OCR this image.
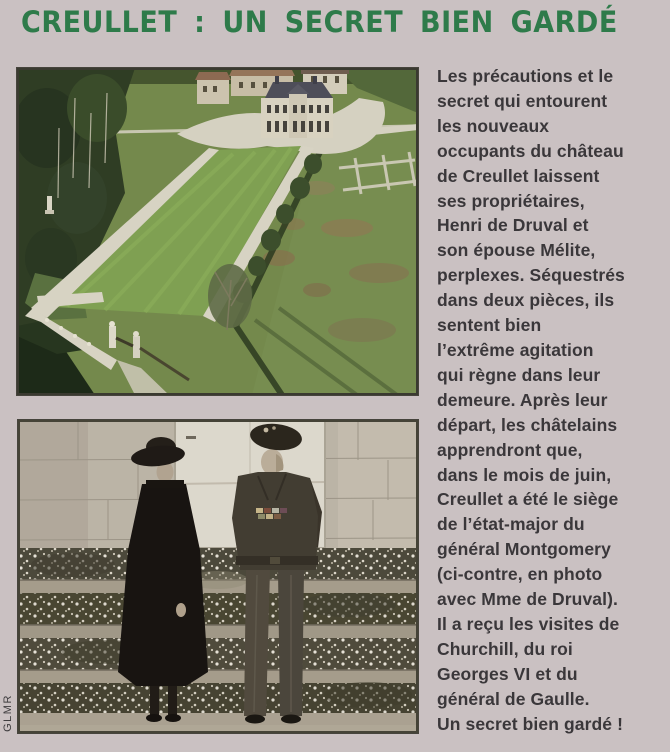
CREULLET : UN SECRET BIEN GARDÉ
Les précautions et le
secret qui entourent
les nouveaux
occupants du château
de Creullet laissent
ses propriétaires,
Henri de Druval et
son épouse Mélite,
perplexes. Séquestrés
dans deux pièces, ils
sentent bien
l’extrême agitation
qui règne dans leur
demeure. Après leur
départ, les châtelains
apprendront que,
dans le mois de juin,
Creullet a été le siège
de l’état-major du
général Montgomery
(ci-contre, en photo
avec Mme de Druval).
Il a reçu les visites de
Churchill, du roi
Georges VI et du
général de Gaulle.
Un secret bien gardé !
GLMR
